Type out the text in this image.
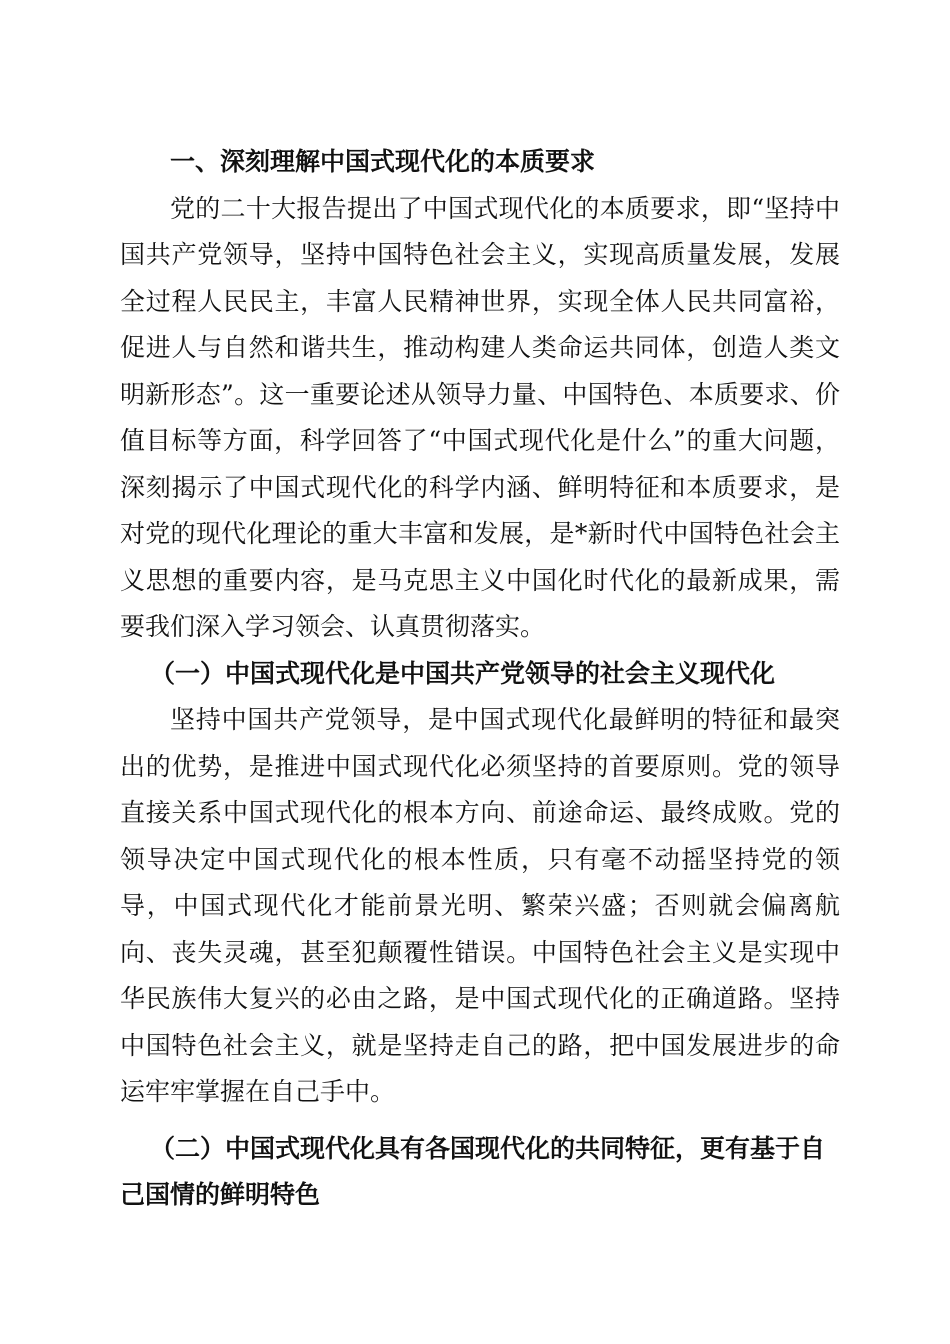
一、深刻理解中国式现代化的本质要求

党的二十大报告提出了中国式现代化的本质要求，即“坚持中国共产党领导，坚持中国特色社会主义，实现高质量发展，发展全过程人民民主，丰富人民精神世界，实现全体人民共同富裕，促进人与自然和谐共生，推动构建人类命运共同体，创造人类文明新形态”。这一重要论述从领导力量、中国特色、本质要求、价值目标等方面，科学回答了“中国式现代化是什么”的重大问题，深刻揭示了中国式现代化的科学内涵、鲜明特征和本质要求，是对党的现代化理论的重大丰富和发展，是*新时代中国特色社会主义思想的重要内容，是马克思主义中国化时代化的最新成果，需要我们深入学习领会、认真贯彻落实。

（一）中国式现代化是中国共产党领导的社会主义现代化

坚持中国共产党领导，是中国式现代化最鲜明的特征和最突出的优势，是推进中国式现代化必须坚持的首要原则。党的领导直接关系中国式现代化的根本方向、前途命运、最终成败。党的领导决定中国式现代化的根本性质，只有毫不动摇坚持党的领导，中国式现代化才能前景光明、繁荣兴盛；否则就会偏离航向、丧失灵魂，甚至犯颠覆性错误。中国特色社会主义是实现中华民族伟大复兴的必由之路，是中国式现代化的正确道路。坚持中国特色社会主义，就是坚持走自己的路，把中国发展进步的命运牢牢掌握在自己手中。

（二）中国式现代化具有各国现代化的共同特征，更有基于自己国情的鲜明特色
